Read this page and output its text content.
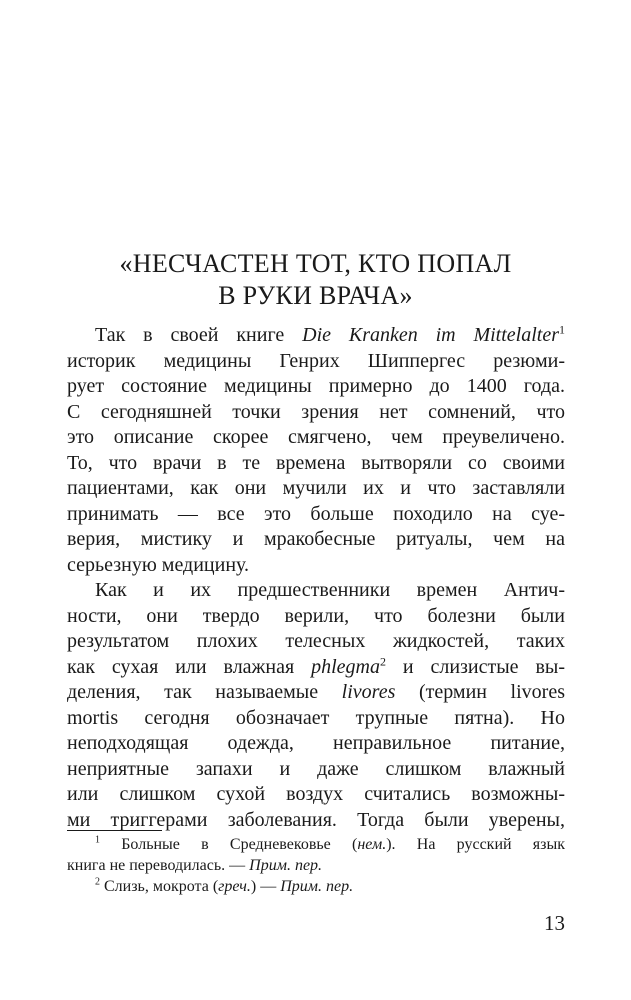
«НЕСЧАСТЕН ТОТ, КТО ПОПАЛ
В РУКИ ВРАЧА»
Так в своей книге Die Kranken im Mittelalter$^1$
историк медицины Генрих Шиппергес резюми-
рует состояние медицины примерно до 1400 года.
С сегодняшней точки зрения нет сомнений, что
это описание скорее смягчено, чем преувеличено.
То, что врачи в те времена вытворяли со своими
пациентами, как они мучили их и что заставляли
принимать — все это больше походило на суе-
верия, мистику и мракобесные ритуалы, чем на
серьезную медицину.
Как и их предшественники времен Антич-
ности, они твердо верили, что болезни были
результатом плохих телесных жидкостей, таких
как сухая или влажная phlegma$^2$ и слизистые вы-
деления, так называемые livores (термин livores
mortis сегодня обозначает трупные пятна). Но
неподходящая одежда, неправильное питание,
неприятные запахи и даже слишком влажный
или слишком сухой воздух считались возможны-
ми триггерами заболевания. Тогда были уверены,
$^1$ Больные в Средневековье (нем.). На русский язык
книга не переводилась. — Прим. пер.
$^2$ Слизь, мокрота (греч.) — Прим. пер.
13
